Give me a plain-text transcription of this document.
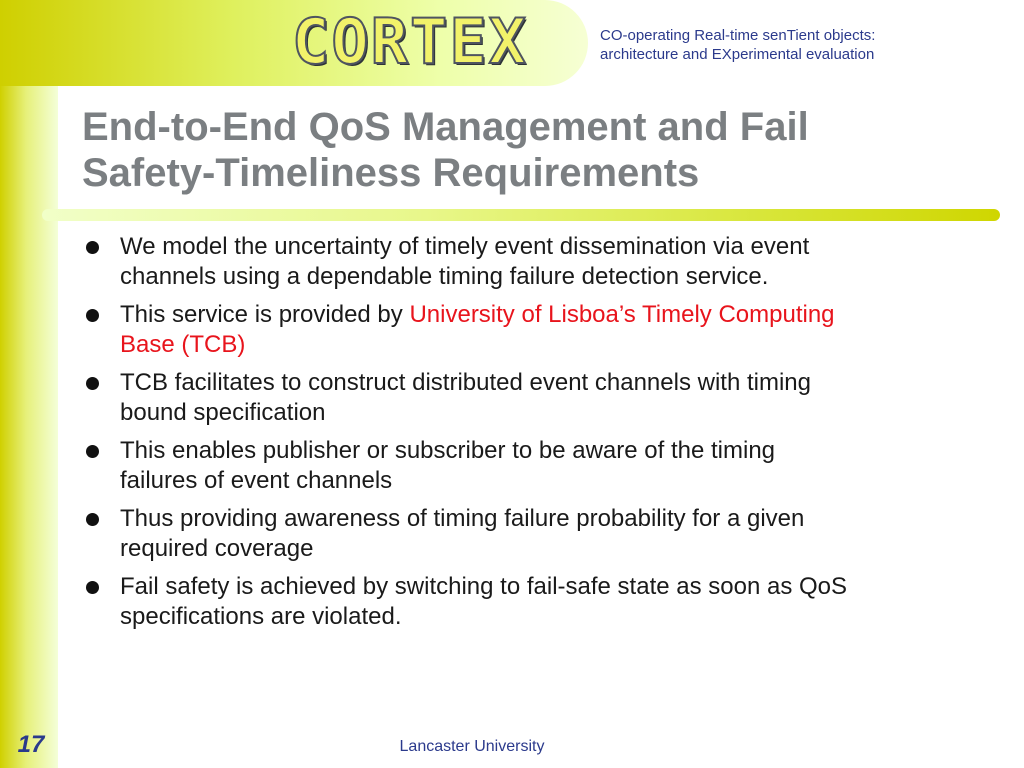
CORTEX	CO-operating Real-time senTient objects:
architecture and EXperimental evaluation
End-to-End QoS Management and Fail
Safety-Timeliness Requirements
We model the uncertainty of timely event dissemination via event
channels using a dependable timing failure detection service.
This service is provided by University of Lisboa’s Timely Computing
Base (TCB)
TCB facilitates to construct distributed event channels with timing
bound specification
This enables publisher or subscriber to be aware of the timing
failures of event channels
Thus providing awareness of timing failure probability for a given
required coverage
Fail safety is achieved by switching to fail-safe state as soon as QoS
specifications are violated.
17	Lancaster University
